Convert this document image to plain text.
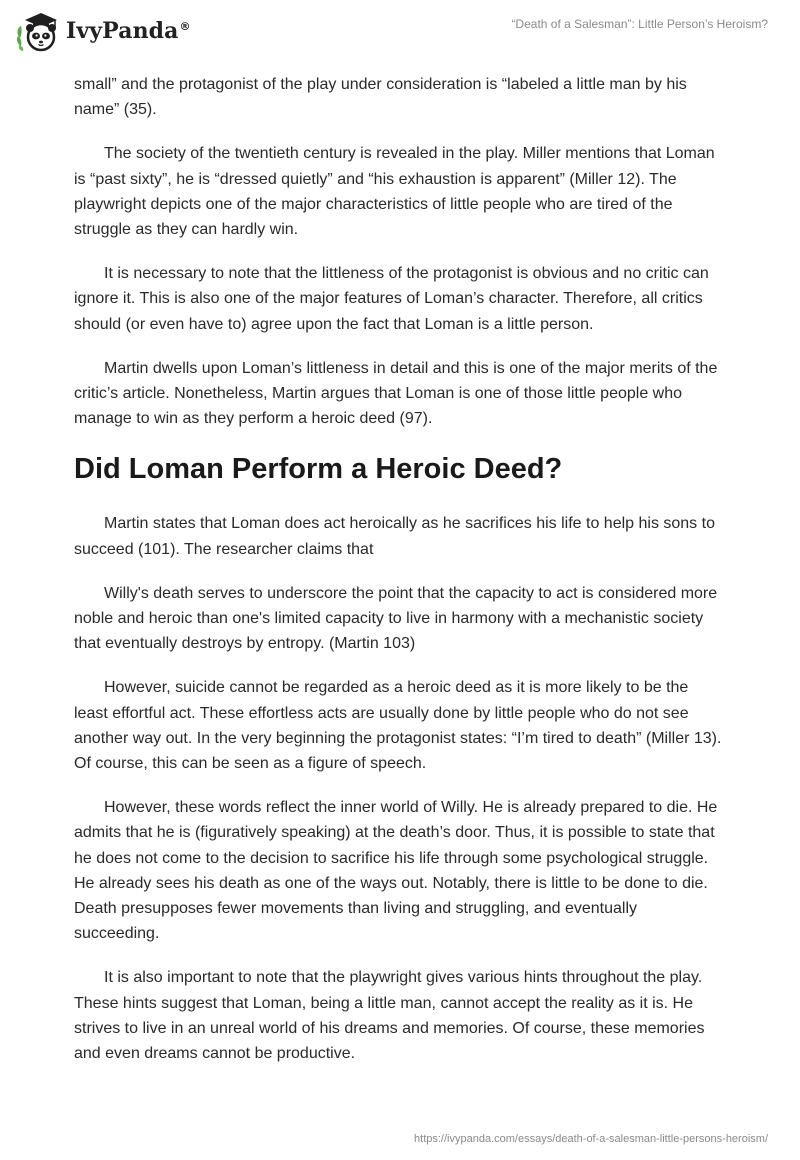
IvyPanda®	“Death of a Salesman”: Little Person’s Heroism?

small” and the protagonist of the play under consideration is “labeled a little man by his name” (35).

The society of the twentieth century is revealed in the play. Miller mentions that Loman is “past sixty”, he is “dressed quietly” and “his exhaustion is apparent” (Miller 12). The playwright depicts one of the major characteristics of little people who are tired of the struggle as they can hardly win.

It is necessary to note that the littleness of the protagonist is obvious and no critic can ignore it. This is also one of the major features of Loman’s character. Therefore, all critics should (or even have to) agree upon the fact that Loman is a little person.

Martin dwells upon Loman’s littleness in detail and this is one of the major merits of the critic’s article. Nonetheless, Martin argues that Loman is one of those little people who manage to win as they perform a heroic deed (97).

Did Loman Perform a Heroic Deed?

Martin states that Loman does act heroically as he sacrifices his life to help his sons to succeed (101). The researcher claims that

Willy's death serves to underscore the point that the capacity to act is considered more noble and heroic than one's limited capacity to live in harmony with a mechanistic society that eventually destroys by entropy. (Martin 103)

However, suicide cannot be regarded as a heroic deed as it is more likely to be the least effortful act. These effortless acts are usually done by little people who do not see another way out. In the very beginning the protagonist states: “I’m tired to death” (Miller 13). Of course, this can be seen as a figure of speech.

However, these words reflect the inner world of Willy. He is already prepared to die. He admits that he is (figuratively speaking) at the death’s door. Thus, it is possible to state that he does not come to the decision to sacrifice his life through some psychological struggle. He already sees his death as one of the ways out. Notably, there is little to be done to die. Death presupposes fewer movements than living and struggling, and eventually succeeding.

It is also important to note that the playwright gives various hints throughout the play. These hints suggest that Loman, being a little man, cannot accept the reality as it is. He strives to live in an unreal world of his dreams and memories. Of course, these memories and even dreams cannot be productive.

https://ivypanda.com/essays/death-of-a-salesman-little-persons-heroism/
